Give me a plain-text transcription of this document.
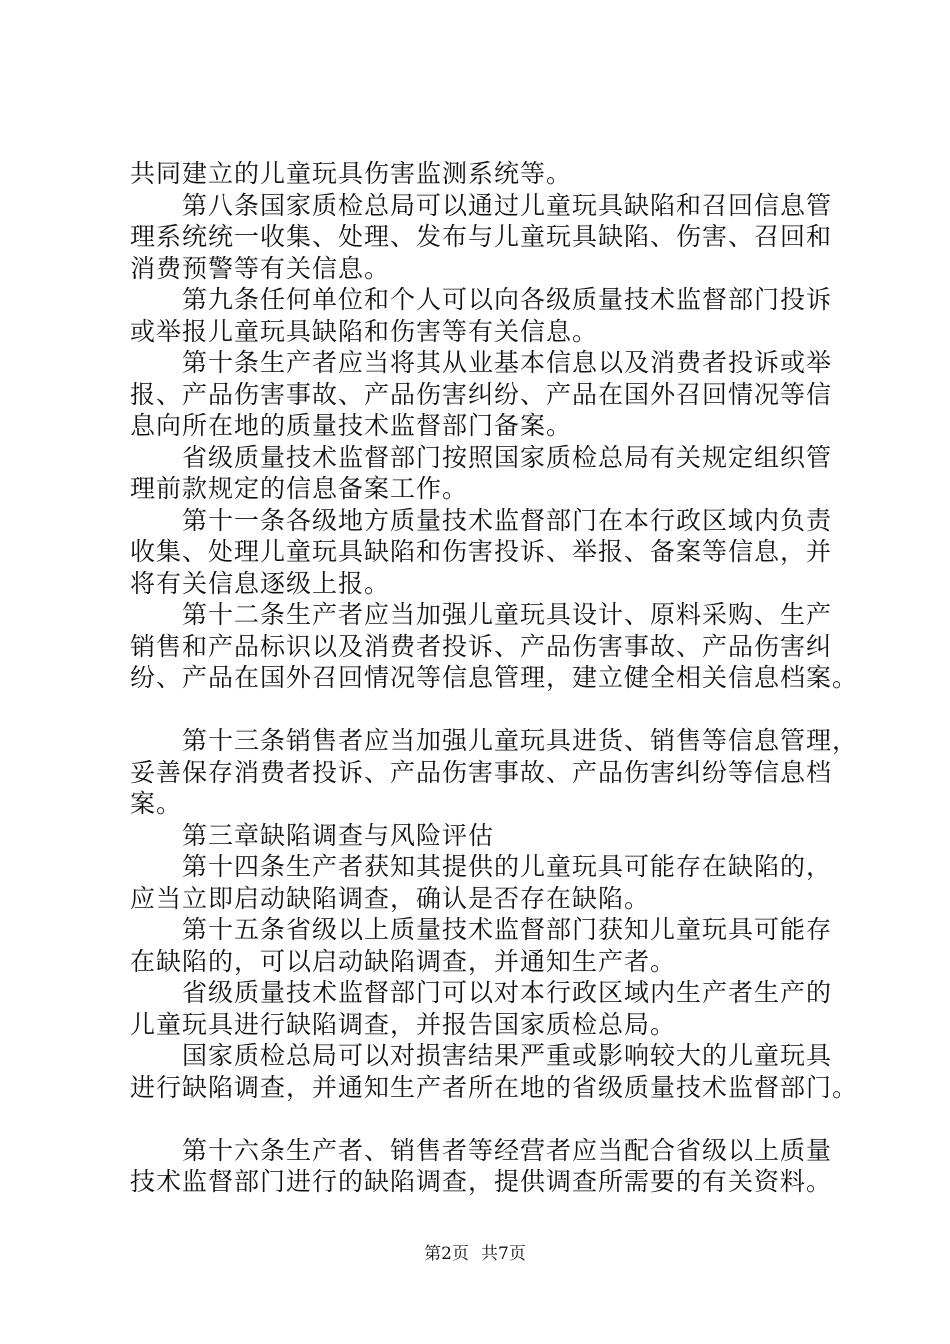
共同建立的儿童玩具伤害监测系统等。

第八条国家质检总局可以通过儿童玩具缺陷和召回信息管

理系统统一收集、处理、发布与儿童玩具缺陷、伤害、召回和

消费预警等有关信息。

第九条任何单位和个人可以向各级质量技术监督部门投诉

或举报儿童玩具缺陷和伤害等有关信息。

第十条生产者应当将其从业基本信息以及消费者投诉或举

报、产品伤害事故、产品伤害纠纷、产品在国外召回情况等信

息向所在地的质量技术监督部门备案。

省级质量技术监督部门按照国家质检总局有关规定组织管

理前款规定的信息备案工作。

第十一条各级地方质量技术监督部门在本行政区域内负责

收集、处理儿童玩具缺陷和伤害投诉、举报、备案等信息，并

将有关信息逐级上报。

第十二条生产者应当加强儿童玩具设计、原料采购、生产

销售和产品标识以及消费者投诉、产品伤害事故、产品伤害纠

纷、产品在国外召回情况等信息管理，建立健全相关信息档案。

第十三条销售者应当加强儿童玩具进货、销售等信息管理，

妥善保存消费者投诉、产品伤害事故、产品伤害纠纷等信息档

案。

第三章缺陷调查与风险评估

第十四条生产者获知其提供的儿童玩具可能存在缺陷的，

应当立即启动缺陷调查，确认是否存在缺陷。

第十五条省级以上质量技术监督部门获知儿童玩具可能存

在缺陷的，可以启动缺陷调查，并通知生产者。

省级质量技术监督部门可以对本行政区域内生产者生产的

儿童玩具进行缺陷调查，并报告国家质检总局。

国家质检总局可以对损害结果严重或影响较大的儿童玩具

进行缺陷调查，并通知生产者所在地的省级质量技术监督部门。

第十六条生产者、销售者等经营者应当配合省级以上质量

技术监督部门进行的缺陷调查，提供调查所需要的有关资料。

第2页 共7页
